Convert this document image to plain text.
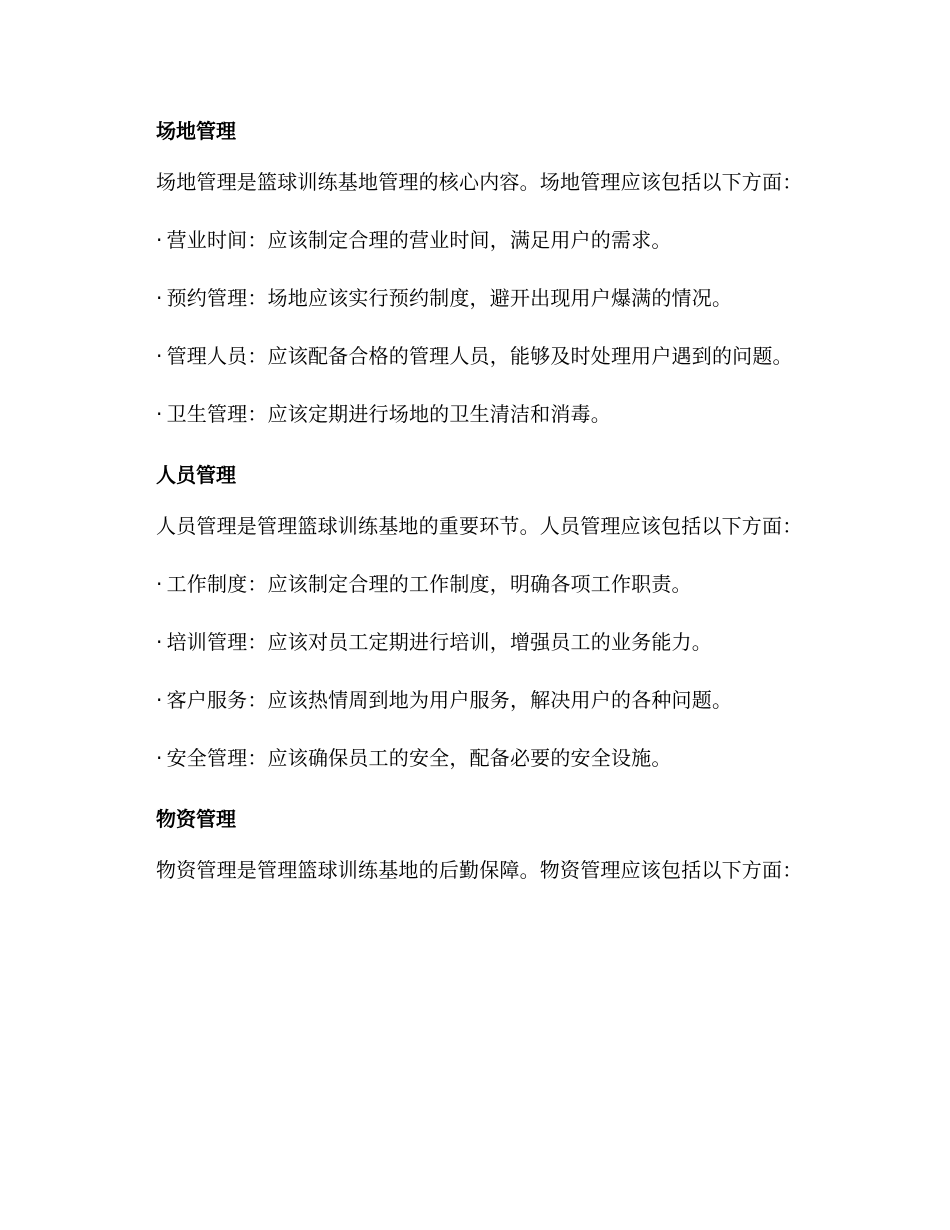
场地管理

场地管理是篮球训练基地管理的核心内容。场地管理应该包括以下方面：

· 营业时间：应该制定合理的营业时间，满足用户的需求。

· 预约管理：场地应该实行预约制度，避开出现用户爆满的情况。

· 管理人员：应该配备合格的管理人员，能够及时处理用户遇到的问题。

· 卫生管理：应该定期进行场地的卫生清洁和消毒。

人员管理

人员管理是管理篮球训练基地的重要环节。人员管理应该包括以下方面：

· 工作制度：应该制定合理的工作制度，明确各项工作职责。

· 培训管理：应该对员工定期进行培训，增强员工的业务能力。

· 客户服务：应该热情周到地为用户服务，解决用户的各种问题。

· 安全管理：应该确保员工的安全，配备必要的安全设施。

物资管理

物资管理是管理篮球训练基地的后勤保障。物资管理应该包括以下方面：
